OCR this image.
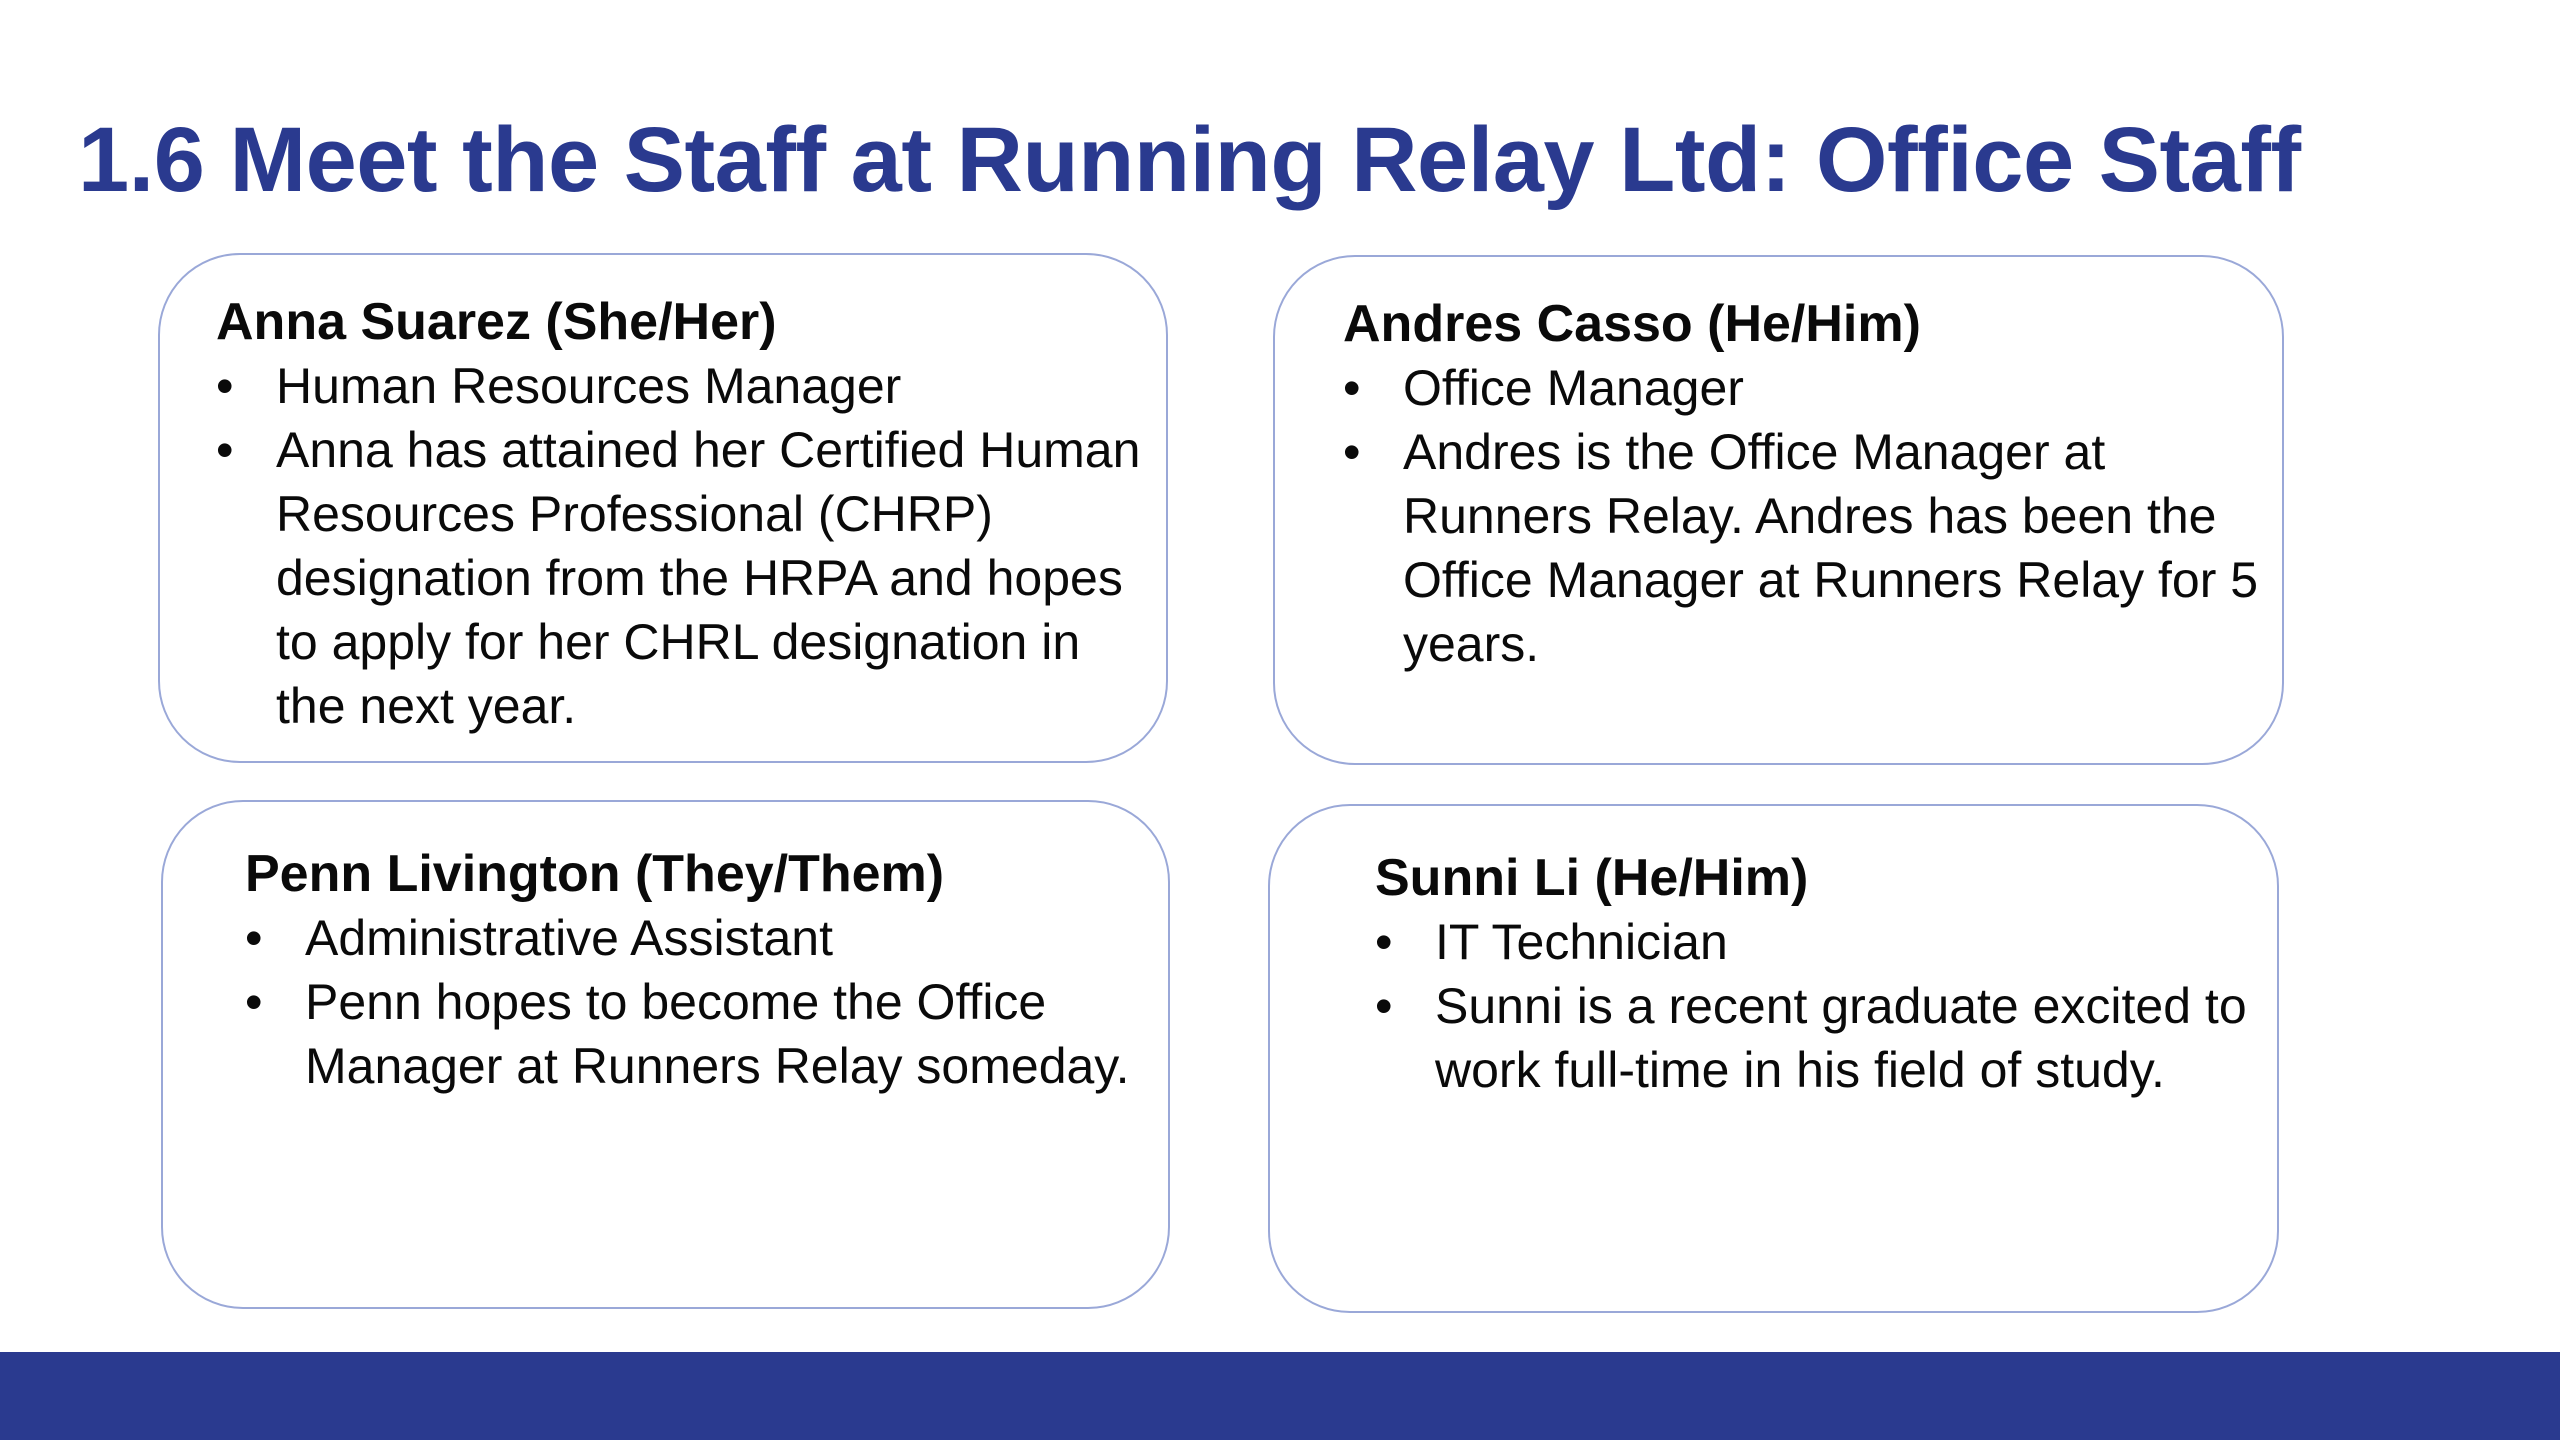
1.6 Meet the Staff at Running Relay Ltd: Office Staff
Anna Suarez (She/Her)
• Human Resources Manager
• Anna has attained her Certified Human Resources Professional (CHRP) designation from the HRPA and hopes to apply for her CHRL designation in the next year.
Andres Casso (He/Him)
• Office Manager
• Andres is the Office Manager at Runners Relay. Andres has been the Office Manager at Runners Relay for 5 years.
Penn Livington (They/Them)
• Administrative Assistant
• Penn hopes to become the Office Manager at Runners Relay someday.
Sunni Li (He/Him)
• IT Technician
• Sunni is a recent graduate excited to work full-time in his field of study.
